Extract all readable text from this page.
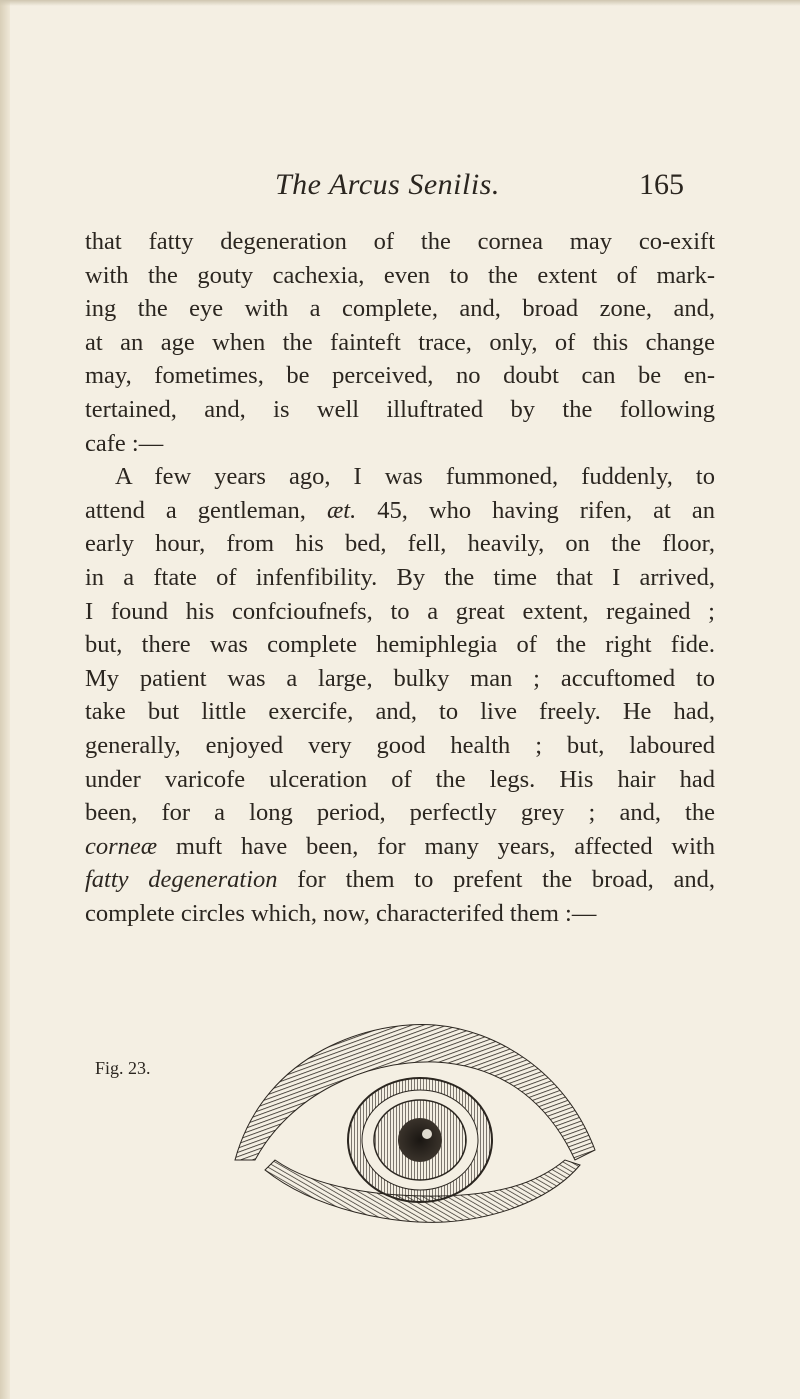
The Arcus Senilis.	165
that fatty degeneration of the cornea may co-exift
with the gouty cachexia, even to the extent of mark-
ing the eye with a complete, and, broad zone, and,
at an age when the fainteft trace, only, of this change
may, fometimes, be perceived, no doubt can be en-
tertained, and, is well illuftrated by the following
cafe :—
A few years ago, I was fummoned, fuddenly, to
attend a gentleman, æt. 45, who having rifen, at an
early hour, from his bed, fell, heavily, on the floor,
in a ftate of infenfibility. By the time that I arrived,
I found his confcioufnefs, to a great extent, regained ;
but, there was complete hemiphlegia of the right fide.
My patient was a large, bulky man ; accuftomed to
take but little exercife, and, to live freely. He had,
generally, enjoyed very good health ; but, laboured
under varicofe ulceration of the legs. His hair had
been, for a long period, perfectly grey ; and, the
corneæ muft have been, for many years, affected with
fatty degeneration for them to prefent the broad, and,
complete circles which, now, characterifed them :—
Fig. 23.
